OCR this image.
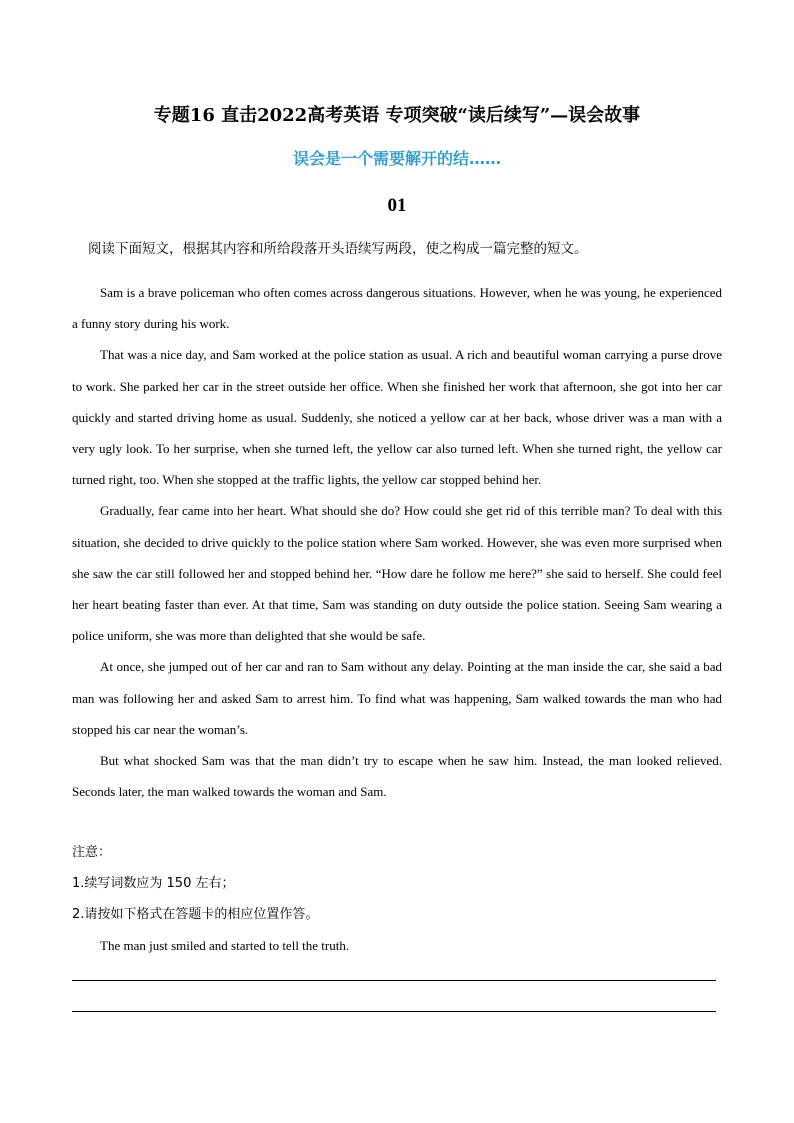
专题16 直击2022高考英语 专项突破“读后续写”—误会故事
误会是一个需要解开的结……
01
阅读下面短文，根据其内容和所给段落开头语续写两段，使之构成一篇完整的短文。

Sam is a brave policeman who often comes across dangerous situations. However, when he was young, he experienced a funny story during his work.

That was a nice day, and Sam worked at the police station as usual. A rich and beautiful woman carrying a purse drove to work. She parked her car in the street outside her office. When she finished her work that afternoon, she got into her car quickly and started driving home as usual. Suddenly, she noticed a yellow car at her back, whose driver was a man with a very ugly look. To her surprise, when she turned left, the yellow car also turned left. When she turned right, the yellow car turned right, too. When she stopped at the traffic lights, the yellow car stopped behind her.

Gradually, fear came into her heart. What should she do? How could she get rid of this terrible man? To deal with this situation, she decided to drive quickly to the police station where Sam worked. However, she was even more surprised when she saw the car still followed her and stopped behind her. “How dare he follow me here?” she said to herself. She could feel her heart beating faster than ever. At that time, Sam was standing on duty outside the police station. Seeing Sam wearing a police uniform, she was more than delighted that she would be safe.

At once, she jumped out of her car and ran to Sam without any delay. Pointing at the man inside the car, she said a bad man was following her and asked Sam to arrest him. To find what was happening, Sam walked towards the man who had stopped his car near the woman’s.

But what shocked Sam was that the man didn’t try to escape when he saw him. Instead, the man looked relieved. Seconds later, the man walked towards the woman and Sam.

注意：
1.续写词数应为 150 左右；
2.请按如下格式在答题卡的相应位置作答。
The man just smiled and started to tell the truth.
